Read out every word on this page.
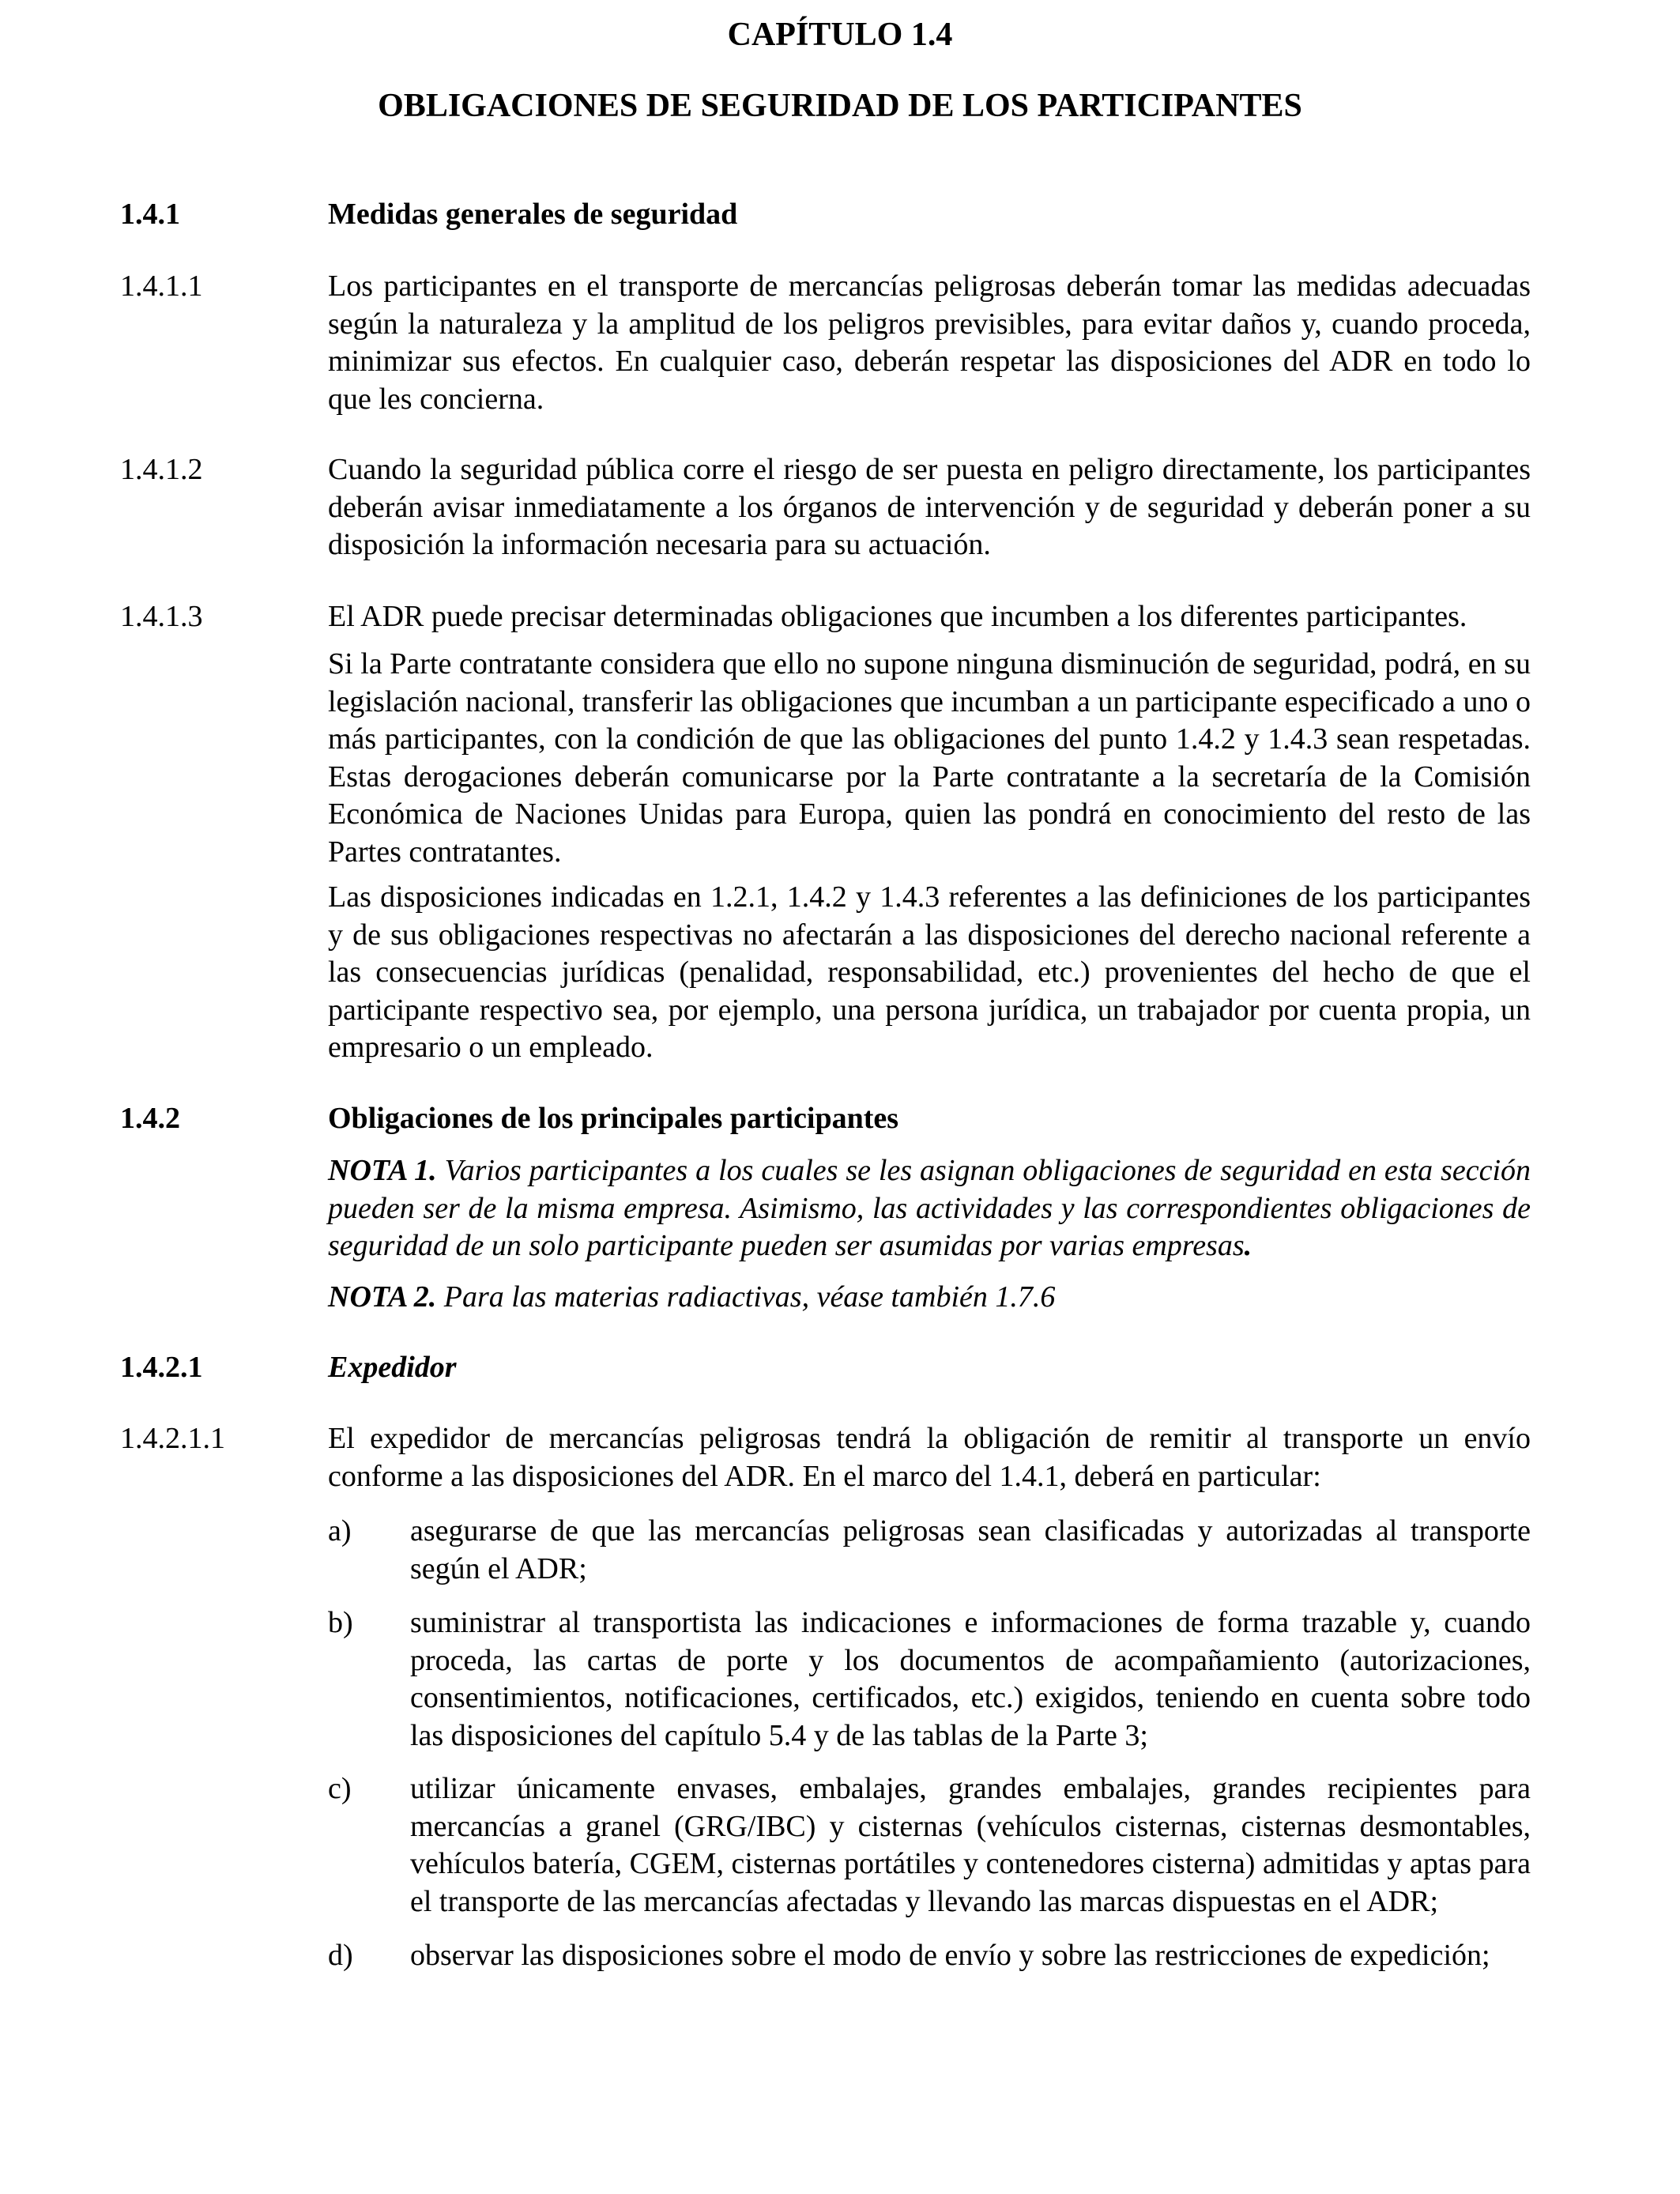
CAPÍTULO 1.4
OBLIGACIONES DE SEGURIDAD DE LOS PARTICIPANTES
1.4.1	Medidas generales de seguridad
1.4.1.1	Los participantes en el transporte de mercancías peligrosas deberán tomar las medidas adecuadas según la naturaleza y la amplitud de los peligros previsibles, para evitar daños y, cuando proceda, minimizar sus efectos. En cualquier caso, deberán respetar las disposiciones del ADR en todo lo que les concierna.
1.4.1.2	Cuando la seguridad pública corre el riesgo de ser puesta en peligro directamente, los participantes deberán avisar inmediatamente a los órganos de intervención y de seguridad y deberán poner a su disposición la información necesaria para su actuación.
1.4.1.3	El ADR puede precisar determinadas obligaciones que incumben a los diferentes participantes.
Si la Parte contratante considera que ello no supone ninguna disminución de seguridad, podrá, en su legislación nacional, transferir las obligaciones que incumban a un participante especificado a uno o más participantes, con la condición de que las obligaciones del punto 1.4.2 y 1.4.3 sean respetadas. Estas derogaciones deberán comunicarse por la Parte contratante a la secretaría de la Comisión Económica de Naciones Unidas para Europa, quien las pondrá en conocimiento del resto de las Partes contratantes.
Las disposiciones indicadas en 1.2.1, 1.4.2 y 1.4.3 referentes a las definiciones de los participantes y de sus obligaciones respectivas no afectarán a las disposiciones del derecho nacional referente a las consecuencias jurídicas (penalidad, responsabilidad, etc.) provenientes del hecho de que el participante respectivo sea, por ejemplo, una persona jurídica, un trabajador por cuenta propia, un empresario o un empleado.
1.4.2	Obligaciones de los principales participantes
NOTA 1. Varios participantes a los cuales se les asignan obligaciones de seguridad en esta sección pueden ser de la misma empresa. Asimismo, las actividades y las correspondientes obligaciones de seguridad de un solo participante pueden ser asumidas por varias empresas.
NOTA 2. Para las materias radiactivas, véase también 1.7.6
1.4.2.1	Expedidor
1.4.2.1.1	El expedidor de mercancías peligrosas tendrá la obligación de remitir al transporte un envío conforme a las disposiciones del ADR. En el marco del 1.4.1, deberá en particular:
a) asegurarse de que las mercancías peligrosas sean clasificadas y autorizadas al transporte según el ADR;
b) suministrar al transportista las indicaciones e informaciones de forma trazable y, cuando proceda, las cartas de porte y los documentos de acompañamiento (autorizaciones, consentimientos, notificaciones, certificados, etc.) exigidos, teniendo en cuenta sobre todo las disposiciones del capítulo 5.4 y de las tablas de la Parte 3;
c) utilizar únicamente envases, embalajes, grandes embalajes, grandes recipientes para mercancías a granel (GRG/IBC) y cisternas (vehículos cisternas, cisternas desmontables, vehículos batería, CGEM, cisternas portátiles y contenedores cisterna) admitidas y aptas para el transporte de las mercancías afectadas y llevando las marcas dispuestas en el ADR;
d) observar las disposiciones sobre el modo de envío y sobre las restricciones de expedición;
